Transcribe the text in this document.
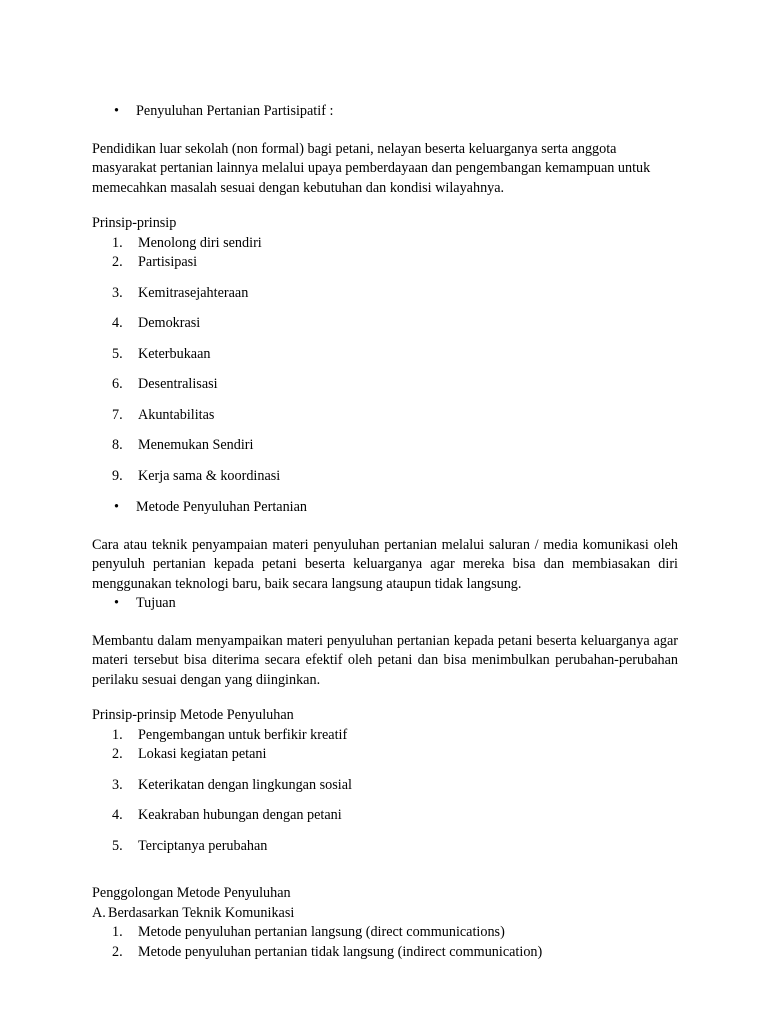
•	Penyuluhan Pertanian Partisipatif :

Pendidikan luar sekolah (non formal) bagi petani, nelayan beserta keluarganya serta anggota masyarakat pertanian lainnya melalui upaya pemberdayaan dan pengembangan kemampuan untuk memecahkan masalah sesuai dengan kebutuhan dan kondisi wilayahnya.

Prinsip-prinsip

1.	Menolong diri sendiri
2.	Partisipasi
3.	Kemitrasejahteraan
4.	Demokrasi
5.	Keterbukaan
6.	Desentralisasi
7.	Akuntabilitas
8.	Menemukan Sendiri
9.	Kerja sama & koordinasi
•	Metode Penyuluhan Pertanian

Cara atau teknik penyampaian materi penyuluhan pertanian melalui saluran / media komunikasi oleh penyuluh pertanian kepada petani beserta keluarganya agar mereka bisa dan membiasakan diri menggunakan teknologi baru, baik secara langsung ataupun tidak langsung.

•	Tujuan

Membantu dalam menyampaikan materi penyuluhan pertanian kepada petani beserta keluarganya agar materi tersebut bisa diterima secara efektif oleh petani dan bisa menimbulkan perubahan-perubahan perilaku sesuai dengan yang diinginkan.

Prinsip-prinsip Metode Penyuluhan

1.	Pengembangan untuk berfikir kreatif
2.	Lokasi kegiatan petani
3.	Keterikatan dengan lingkungan sosial
4.	Keakraban hubungan dengan petani
5.	Terciptanya perubahan

Penggolongan Metode Penyuluhan

A. Berdasarkan Teknik Komunikasi
1.	Metode penyuluhan pertanian langsung (direct communications)
2.	Metode penyuluhan pertanian tidak langsung (indirect communication)
